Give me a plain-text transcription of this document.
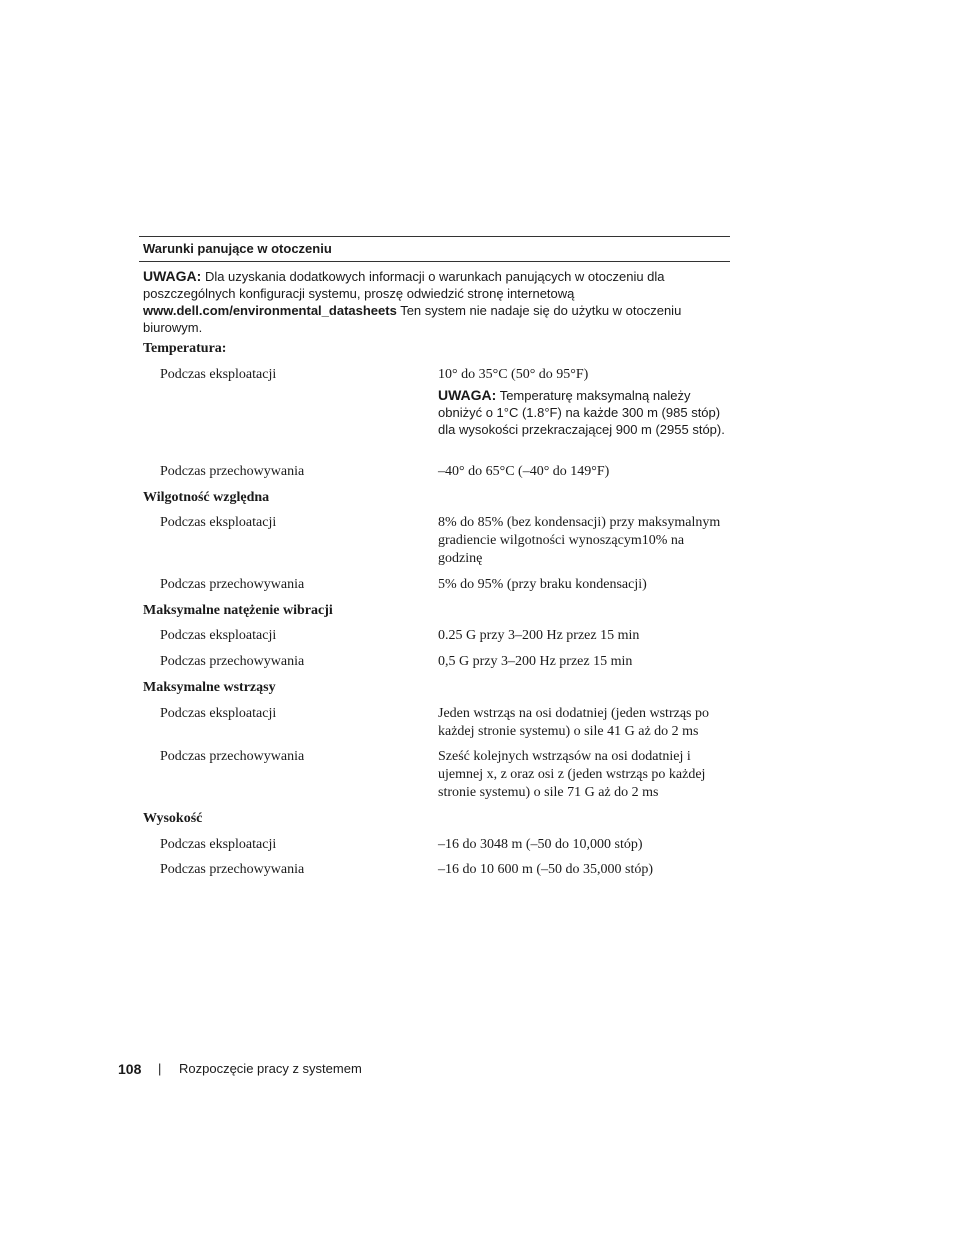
Warunki panujące w otoczeniu
UWAGA: Dla uzyskania dodatkowych informacji o warunkach panujących w otoczeniu dla poszczególnych konfiguracji systemu, proszę odwiedzić stronę internetową www.dell.com/environmental_datasheets Ten system nie nadaje się do użytku w otoczeniu biurowym.
Temperatura:
Podczas eksploatacji	10° do 35°C (50° do 95°F)
UWAGA: Temperaturę maksymalną należy obniżyć o 1°C (1.8°F) na każde 300 m (985 stóp) dla wysokości przekraczającej 900 m (2955 stóp).
Podczas przechowywania	–40° do 65°C (–40° do 149°F)
Wilgotność względna
Podczas eksploatacji	8% do 85% (bez kondensacji) przy maksymalnym gradiencie wilgotności wynoszącym10% na godzinę
Podczas przechowywania	5% do 95% (przy braku kondensacji)
Maksymalne natężenie wibracji
Podczas eksploatacji	0.25 G przy 3–200 Hz przez 15 min
Podczas przechowywania	0,5 G przy 3–200 Hz przez 15 min
Maksymalne wstrząsy
Podczas eksploatacji	Jeden wstrząs na osi dodatniej (jeden wstrząs po każdej stronie systemu) o sile 41 G aż do 2 ms
Podczas przechowywania	Sześć kolejnych wstrząsów na osi dodatniej i ujemnej x, z oraz osi z (jeden wstrząs po każdej stronie systemu) o sile 71 G aż do 2 ms
Wysokość
Podczas eksploatacji	–16 do 3048 m (–50 do 10,000 stóp)
Podczas przechowywania	–16 do 10 600 m (–50 do 35,000 stóp)
108 | Rozpoczęcie pracy z systemem
